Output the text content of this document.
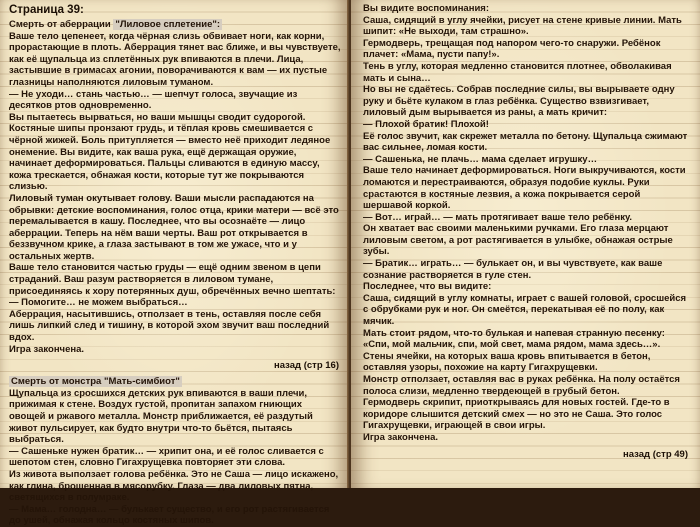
Страница 39:
Смерть от аберрации "Лиловое сплетение":

Ваше тело цепенеет, когда чёрная слизь обвивает ноги, как корни, прорастающие в плоть. Аберрация тянет вас ближе, и вы чувствуете, как её щупальца из сплетённых рук впиваются в плечи. Лица, застывшие в гримасах агонии, поворачиваются к вам — их пустые глазницы наполняются лиловым туманом.

— Не уходи… стань частью… — шепчут голоса, звучащие из десятков ртов одновременно.

Вы пытаетесь вырваться, но ваши мышцы сводит судорогой. Костяные шипы пронзают грудь, и тёплая кровь смешивается с чёрной жижей. Боль притупляется — вместо неё приходит ледяное онемение. Вы видите, как ваша рука, ещё держащая оружие, начинает деформироваться. Пальцы сливаются в единую массу, кожа трескается, обнажая кости, которые тут же покрываются слизью.

Лиловый туман окутывает голову. Ваши мысли распадаются на обрывки: детские воспоминания, голос отца, крики матери — всё это перемалывается в кашу. Последнее, что вы осознаёте — лицо аберрации. Теперь на нём ваши черты. Ваш рот открывается в беззвучном крике, а глаза застывают в том же ужасе, что и у остальных жертв.

Ваше тело становится частью груды — ещё одним звеном в цепи страданий. Ваш разум растворяется в лиловом тумане, присоединяясь к хору потерянных душ, обречённых вечно шептать:

— Помогите… не можем выбраться…

Аберрация, насытившись, отползает в тень, оставляя после себя лишь липкий след и тишину, в которой эхом звучит ваш последний вдох.

Игра закончена.

назад (стр 16)
Смерть от монстра "Мать-симбиот"

Щупальца из сросшихся детских рук впиваются в ваши плечи, прижимая к стене. Воздух густой, пропитан запахом гниющих овощей и ржавого металла. Монстр приближается, её раздутый живот пульсирует, как будто внутри что-то бьётся, пытаясь выбраться.

— Сашеньке нужен братик… — хрипит она, и её голос сливается с шепотом стен, словно Гигахрущевка повторяет эти слова.

Из живота выползает голова ребёнка. Это не Саша — лицо искажено, как глина, брошенная в мясорубку. Глаза — два лиловых пятна, светящихся в полумраке.

— Мама… голодна… — булькает существо, и его рот растягивается до ушей, обнажая кольцо костяных шипов.

Вы видите воспоминания:

Саша, сидящий в углу ячейки, рисует на стене кривые линии. Мать шипит: «Не выходи, там страшно».

Гермодверь, трещащая под напором чего-то снаружи. Ребёнок плачет: «Мама, пусти папу!».

Тень в углу, которая медленно становится плотнее, обволакивая мать и сына…

Но вы не сдаётесь. Собрав последние силы, вы вырываете одну руку и бьёте кулаком в глаз ребёнка. Существо взвизгивает, лиловый дым вырывается из раны, а мать кричит:

— Плохой братик! Плохой!

Её голос звучит, как скрежет металла по бетону. Щупальца сжимают вас сильнее, ломая кости.

— Сашенька, не плачь… мама сделает игрушку…

Ваше тело начинает деформироваться. Ноги выкручиваются, кости ломаются и перестраиваются, образуя подобие куклы. Руки срастаются в костяные лезвия, а кожа покрывается серой шершавой коркой.

— Вот… играй… — мать протягивает ваше тело ребёнку.

Он хватает вас своими маленькими ручками. Его глаза мерцают лиловым светом, а рот растягивается в улыбке, обнажая острые зубы.

— Братик… играть… — булькает он, и вы чувствуете, как ваше сознание растворяется в гуле стен.

Последнее, что вы видите:

Саша, сидящий в углу комнаты, играет с вашей головой, сросшейся с обрубками рук и ног. Он смеётся, перекатывая её по полу, как мячик.

Мать стоит рядом, что-то булькая и напевая странную песенку: «Спи, мой мальчик, спи, мой свет, мама рядом, мама здесь…».

Стены ячейки, на которых ваша кровь впитывается в бетон, оставляя узоры, похожие на карту Гигахрущевки.

Монстр отползает, оставляя вас в руках ребёнка. На полу остаётся полоса слизи, медленно твердеющей в грубый бетон.

Гермодверь скрипит, приоткрываясь для новых гостей. Где-то в коридоре слышится детский смех — но это не Саша. Это голос Гигахрущевки, играющей в свои игры.

Игра закончена.

назад (стр 49)
